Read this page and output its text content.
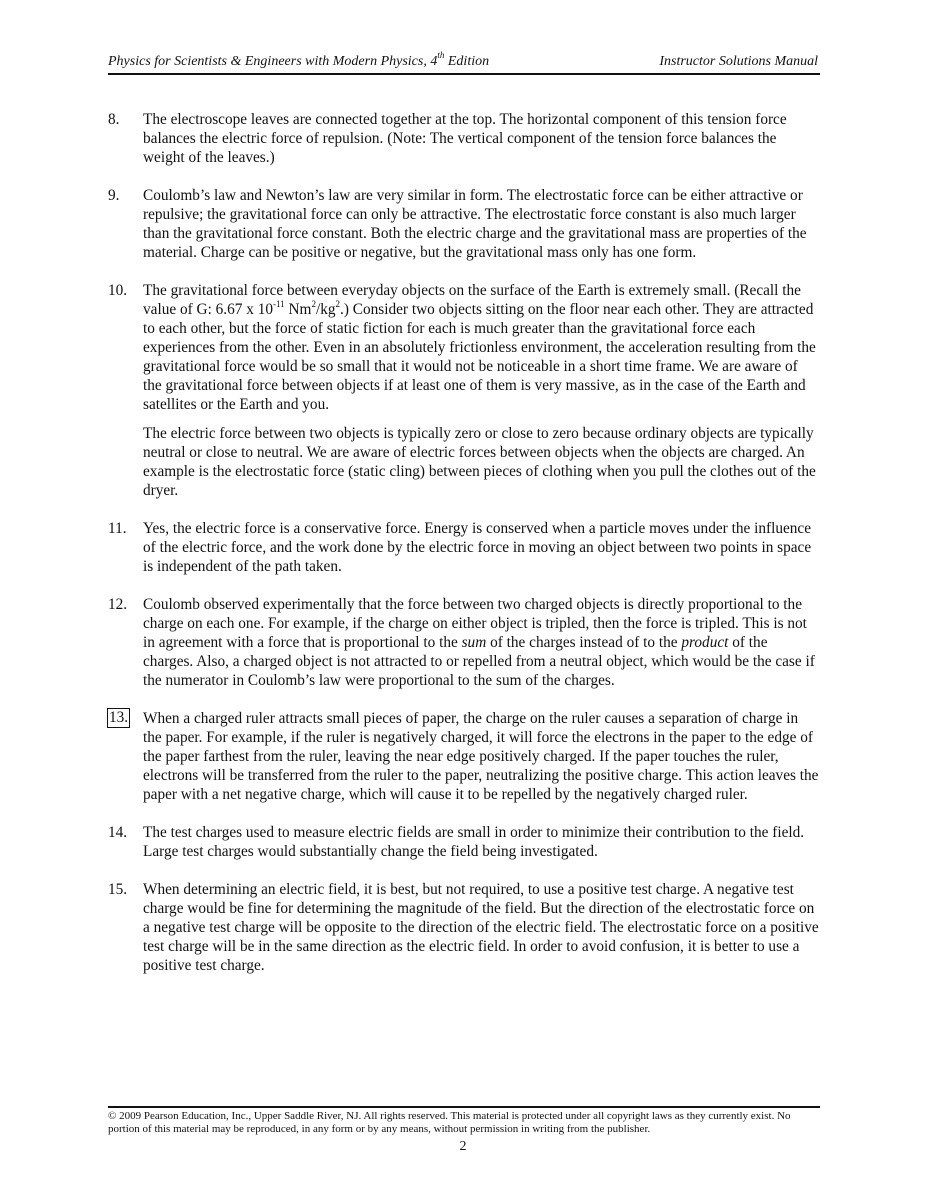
Physics for Scientists & Engineers with Modern Physics, 4th Edition	Instructor Solutions Manual
8. The electroscope leaves are connected together at the top. The horizontal component of this tension force balances the electric force of repulsion. (Note: The vertical component of the tension force balances the weight of the leaves.)

9. Coulomb’s law and Newton’s law are very similar in form. The electrostatic force can be either attractive or repulsive; the gravitational force can only be attractive. The electrostatic force constant is also much larger than the gravitational force constant. Both the electric charge and the gravitational mass are properties of the material. Charge can be positive or negative, but the gravitational mass only has one form.

10. The gravitational force between everyday objects on the surface of the Earth is extremely small. (Recall the value of G: 6.67 x $10^{-11}$ $Nm^2/kg^2$.) Consider two objects sitting on the floor near each other. They are attracted to each other, but the force of static fiction for each is much greater than the gravitational force each experiences from the other. Even in an absolutely frictionless environment, the acceleration resulting from the gravitational force would be so small that it would not be noticeable in a short time frame. We are aware of the gravitational force between objects if at least one of them is very massive, as in the case of the Earth and satellites or the Earth and you.

The electric force between two objects is typically zero or close to zero because ordinary objects are typically neutral or close to neutral. We are aware of electric forces between objects when the objects are charged. An example is the electrostatic force (static cling) between pieces of clothing when you pull the clothes out of the dryer.

11. Yes, the electric force is a conservative force. Energy is conserved when a particle moves under the influence of the electric force, and the work done by the electric force in moving an object between two points in space is independent of the path taken.

12. Coulomb observed experimentally that the force between two charged objects is directly proportional to the charge on each one. For example, if the charge on either object is tripled, then the force is tripled. This is not in agreement with a force that is proportional to the sum of the charges instead of to the product of the charges. Also, a charged object is not attracted to or repelled from a neutral object, which would be the case if the numerator in Coulomb’s law were proportional to the sum of the charges.

13. When a charged ruler attracts small pieces of paper, the charge on the ruler causes a separation of charge in the paper. For example, if the ruler is negatively charged, it will force the electrons in the paper to the edge of the paper farthest from the ruler, leaving the near edge positively charged. If the paper touches the ruler, electrons will be transferred from the ruler to the paper, neutralizing the positive charge. This action leaves the paper with a net negative charge, which will cause it to be repelled by the negatively charged ruler.

14. The test charges used to measure electric fields are small in order to minimize their contribution to the field. Large test charges would substantially change the field being investigated.

15. When determining an electric field, it is best, but not required, to use a positive test charge. A negative test charge would be fine for determining the magnitude of the field. But the direction of the electrostatic force on a negative test charge will be opposite to the direction of the electric field. The electrostatic force on a positive test charge will be in the same direction as the electric field. In order to avoid confusion, it is better to use a positive test charge.

© 2009 Pearson Education, Inc., Upper Saddle River, NJ. All rights reserved. This material is protected under all copyright laws as they currently exist. No portion of this material may be reproduced, in any form or by any means, without permission in writing from the publisher.
2
